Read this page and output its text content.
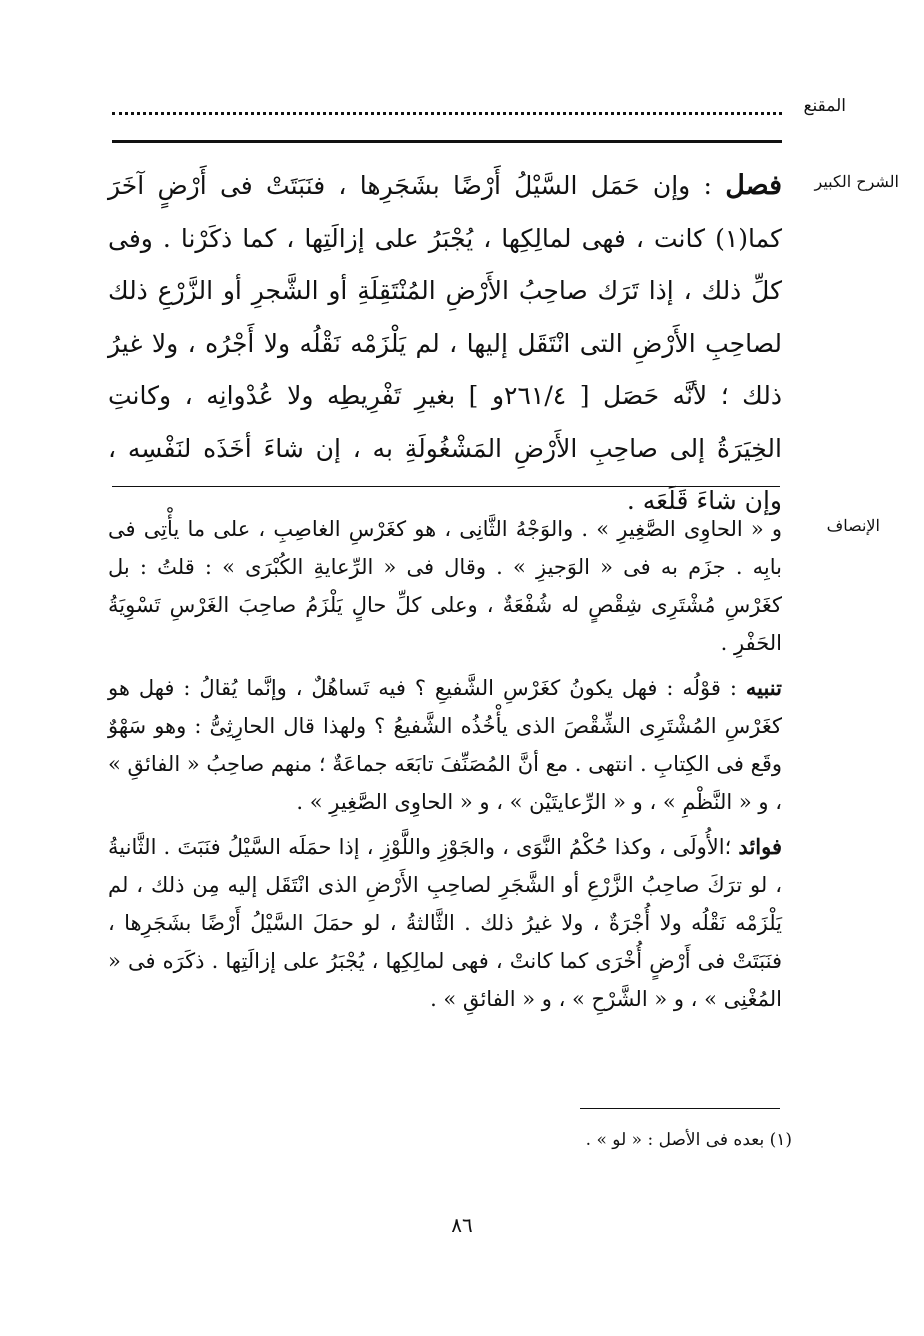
المقنع
الشرح الكبير
فصل : وإن حَمَل السَّيْلُ أَرْضًا بشَجَرِها ، فنَبَتَتْ فى أَرْضٍ آخَرَ كما(١) كانت ، فهى لمالِكِها ، يُجْبَرُ على إزالَتِها ، كما ذكَرْنا . وفى كلِّ ذلك ، إذا تَرَك صاحِبُ الأَرْضِ المُنْتَقِلَةِ أو الشَّجرِ أو الزَّرْعِ ذلك لصاحِبِ الأَرْضِ التى انْتَقَل إليها ، لم يَلْزَمْه نَقْلُه ولا أَجْرُه ، ولا غيرُ ذلك ؛ لأنَّه حَصَل [ ٢٦١/٤و ] بغيرِ تَفْرِيطِه ولا عُدْوانِه ، وكانتِ الخِيَرَةُ إلى صاحِبِ الأَرْضِ المَشْغُولَةِ به ، إن شاءَ أخَذَه لنَفْسِه ، وإن شاءَ قَلَعَه .
الإنصاف

و « الحاوِى الصَّغِيرِ » . والوَجْهُ الثَّانِى ، هو كغَرْسِ الغاصِبِ ، على ما يأْتِى فى بابِه . جزَم به فى « الوَجيزِ » . وقال فى « الرِّعايةِ الكُبْرَى » : قلتُ : بل كغَرْسِ مُشْتَرِى شِقْصٍ له شُفْعَةٌ ، وعلى كلِّ حالٍ يَلْزَمُ صاحِبَ الغَرْسِ تَسْوِيَةُ الحَفْرِ .

تنبيه : قوْلُه : فهل يكونُ كغَرْسِ الشَّفيعِ ؟ فيه تَساهُلٌ ، وإنَّما يُقالُ : فهل هو كغَرْسِ المُشْتَرِى الشِّقْصَ الذى يأْخُذُه الشَّفيعُ ؟ ولهذا قال الحارِثِىُّ : وهو سَهْوٌ وقَع فى الكِتابِ . انتهى . مع أنَّ المُصَنِّفَ تابَعَه جماعَةٌ ؛ منهم صاحِبُ « الفائقِ » ، و « النَّظْمِ » ، و « الرِّعايتَيْن » ، و « الحاوِى الصَّغِيرِ » .

فوائد ؛الأُولَى ، وكذا حُكْمُ النَّوَى ، والجَوْزِ واللَّوْزِ ، إذا حمَلَه السَّيْلُ فنَبَتَ . الثَّانيةُ ، لو ترَكَ صاحِبُ الزَّرْعِ أو الشَّجَرِ لصاحِبِ الأَرْضِ الذى انْتَقَل إليه مِن ذلك ، لم يَلْزَمْه نَقْلُه ولا أُجْرَةٌ ، ولا غيرُ ذلك . الثَّالثةُ ، لو حمَلَ السَّيْلُ أَرْضًا بشَجَرِها ، فنَبَتَتْ فى أَرْضٍ أُخْرَى كما كانتْ ، فهى لمالِكِها ، يُجْبَرُ على إزالَتِها . ذكَرَه فى « المُغْنِى » ، و « الشَّرْحِ » ، و « الفائقِ » .

(١) بعده فى الأصل : « لو » .
٨٦
